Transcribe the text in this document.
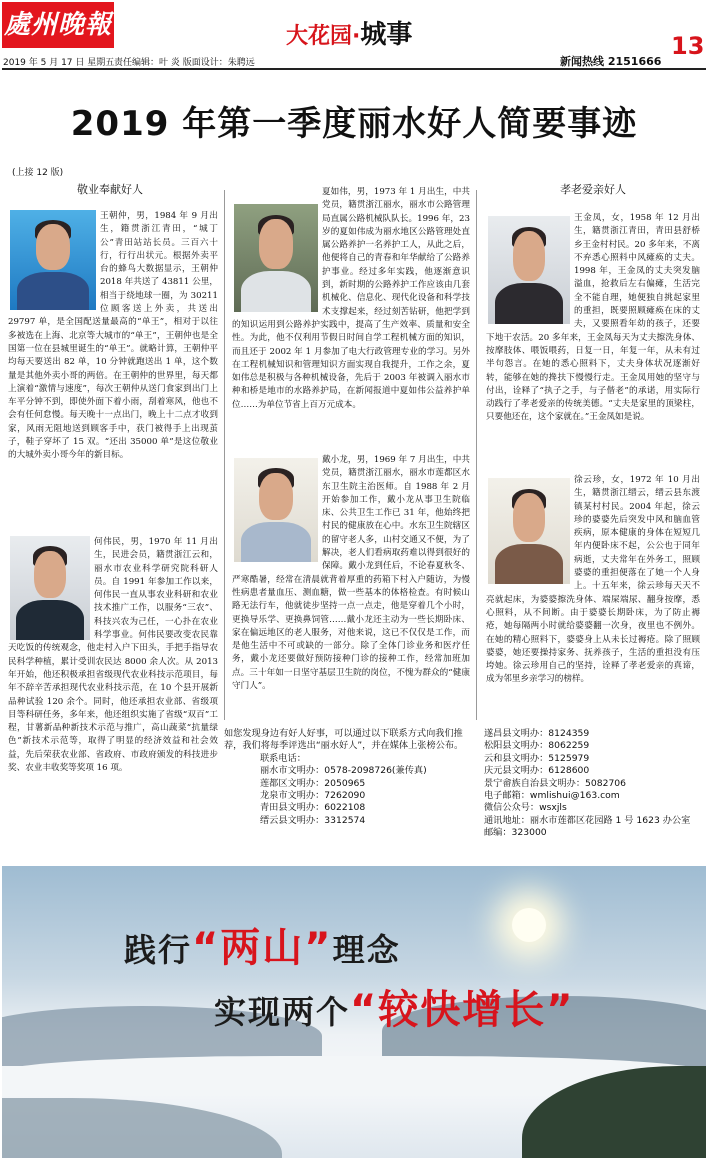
處州晚報	大花园·城事	13
2019 年 5 月 17 日 星期五 责任编辑：叶 炎 版面设计：朱聘远	新闻热线 2151666
2019 年第一季度丽水好人简要事迹
(上接 12 版)
敬业奉献好人	孝老爱亲好人
王朝仲，男，1984 年 9 月出生，籍贯浙江青田，“城丁公”青田站站长员。三百六十行，行行出状元。根据外卖平台的蜂鸟大数据显示，王朝仲 2018 年共送了 43811 公里，相当于绕地球一圈，为 30211 位顾客送上外卖，共送出 29797 单，是全国配送量最高的“单王”，相对于以往多被选在上海、北京等大城市的“单王”，王朝仲也是全国第一位在县城里诞生的“单王”。就略计算，王朝仲平均每天要送出 82 单，10 分钟就跑送出 1 单，这个数量是其他外卖小哥的两倍。在王朝仲的世界里，每天都上演着“激情与速度”，每次王朝仲从送门食家到出门上车平分钟不到，即使外面下着小雨，刮着寒风，他也不会有任何怠慢。每天晚十一点出门，晚上十二点才收到家，风雨无阻地送到顾客手中，获门被得手上出现茧子，鞋子穿坏了 15 双。“还出 35000 单”是这位敬业的大城外卖小哥今年的新目标。
何伟民，男，1970 年 11 月出生，民进会员，籍贯浙江云和，丽水市农业科学研究院科研人员。自 1991 年参加工作以来，何伟民一直从事农业科研和农业技术推广工作，以服务“三农”、科技兴农为己任，一心扑在农业科学事业。何伟民要改变农民靠天吃饭的传统观念，他走村入户下田头，手把手指导农民科学种植，累计受训农民达 8000 余人次。从 2013 年开始，他还积极承担省级现代农业科技示范项目，每年不辞辛苦承担现代农业科技示范，在 10 个县开展新品种试验 120 余个。同时，他还承担农业部、省级项目等科研任务，多年来，他还组织实施了省级“双百”工程，甘薯新品种新技术示范与推广，高山蔬菜“抗量绿色”新技术示范等，取得了明显的经济效益和社会效益，先后荣获农业部、省政府、市政府颁发的科技进步奖、农业丰收奖等奖项 16 项。
夏如伟，男，1973 年 1 月出生，中共党员，籍贯浙江丽水，丽水市公路管理局直属公路机械队队长。1996 年，23 岁的夏如伟成为丽水地区公路管理处直属公路养护一名养护工人，从此之后，他便将自己的青春和年华献给了公路养护事业。经过多年实践，他逐渐意识到，新时期的公路养护工作应该由几套机械化、信息化、现代化设备和科学技术支撑起来，经过刻苦钻研，他把学到的知识运用到公路养护实践中，提高了生产效率、质量和安全性。为此，他不仅利用节假日时间自学工程机械方面的知识，而且还于 2002 年 1 月参加了电大行政管理专业的学习。另外在工程机械知识和管理知识方面实现自我提升，工作之余，夏如伟总是积极与各种机械设备，先后于 2003 年被调入丽水市种和桥是地市的水路养护局，在新闻报道中夏如伟公益养护单位……为单位节省上百万元成本。
戴小龙，男，1969 年 7 月出生，中共党员，籍贯浙江丽水，丽水市莲都区水东卫生院主治医师。自 1988 年 2 月开始参加工作，戴小龙从事卫生院临床、公共卫生工作已 31 年，他始终把村民的健康放在心中。水东卫生院辖区的留守老人多，山村交通又不便，为了解决，老人们看病取药难以得到很好的保障。戴小龙到任后，不论春夏秋冬、严寒酷暑，经常在清晨就背着厚重的药箱下村入户随访，为慢性病患者量血压、测血糖，做一些基本的体格检查。有时候山路无法行车，他就徒步坚持一点一点走，他是穿着几个小时，更换导乐学、更换鼻饲管……戴小龙还主动为一些长期卧床、家在偏远地区的老人服务，对他来说，这已不仅仅是工作，而是他生活中不可或缺的一部分。除了全体门诊业务和医疗任务，戴小龙还要做好预防接种门诊的接种工作，经常加班加点。三十年如一日坚守基层卫生院的岗位，不愧为群众的“健康守门人”。
王金凤，女，1958 年 12 月出生，籍贯浙江青田，青田县舒桥乡王金村村民。20 多年来，不离不弃悉心照料中风瘫痪的丈夫。1998 年，王金凤的丈夫突发脑溢血，抢救后左右偏瘫，生活完全不能自理，她便独自挑起家里的重担，既要照顾瘫痪在床的丈夫，又要照看年幼的孩子，还要下地干农活。20 多年来，王金凤每天为丈夫擦洗身体、按摩肢体、喂饭喂药，日复一日，年复一年，从未有过半句怨言。在她的悉心照料下，丈夫身体状况逐渐好转，能够在她的搀扶下慢慢行走。王金凤用她的坚守与付出，诠释了“执子之手，与子偕老”的承诺，用实际行动践行了孝老爱亲的传统美德。“丈夫是家里的顶梁柱，只要他还在，这个家就在。”王金凤如是说。
徐云珍，女，1972 年 10 月出生，籍贯浙江缙云，缙云县东渡镇某村村民。2004 年起，徐云珍的婆婆先后突发中风和脑血管疾病，原本健康的身体在短短几年内便卧床不起，公公也于同年病逝，丈夫常年在外务工，照顾婆婆的重担便落在了她一个人身上。十五年来，徐云珍每天天不亮就起床，为婆婆擦洗身体、端屎端尿、翻身按摩，悉心照料，从不间断。由于婆婆长期卧床，为了防止褥疮，她每隔两小时就给婆婆翻一次身，夜里也不例外。在她的精心照料下，婆婆身上从未长过褥疮。除了照顾婆婆，她还要操持家务、抚养孩子，生活的重担没有压垮她。徐云珍用自己的坚持，诠释了孝老爱亲的真谛，成为邻里乡亲学习的榜样。
如您发现身边有好人好事，可以通过以下联系方式向我们推荐，我们将每季评选出“丽水好人”，并在媒体上张榜公布。
联系电话：
丽水市文明办：0578-2098726(兼传真)
莲都区文明办：2050965
龙泉市文明办：7262090
青田县文明办：6022108
缙云县文明办：3312574
遂昌县文明办：8124359
松阳县文明办：8062259
云和县文明办：5125979
庆元县文明办：6128600
景宁畲族自治县文明办：5082706
电子邮箱：wmlishui@163.com
微信公众号：wsxjls
通讯地址：丽水市莲都区花园路 1 号 1623 办公室
邮编：323000
践行“两山”理念
实现两个“较快增长”
